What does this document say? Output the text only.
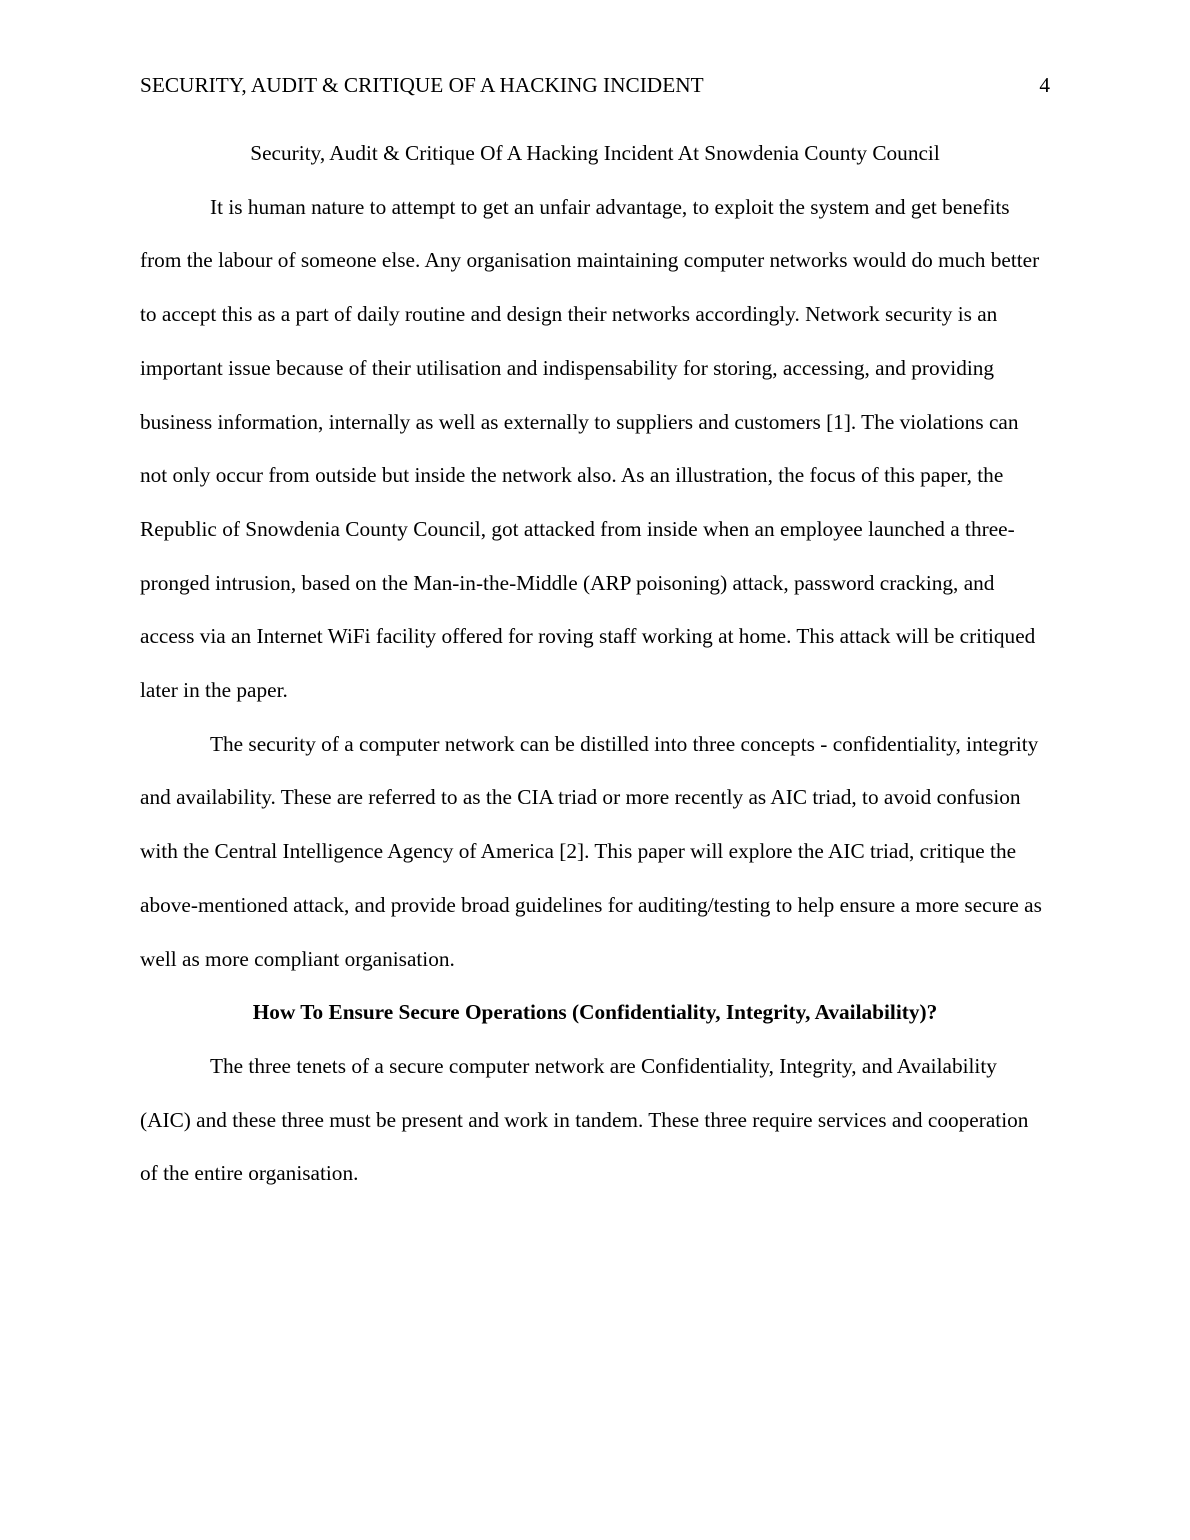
SECURITY, AUDIT & CRITIQUE OF A HACKING INCIDENT	4
Security, Audit & Critique Of A Hacking Incident At Snowdenia County Council

It is human nature to attempt to get an unfair advantage, to exploit the system and get benefits from the labour of someone else. Any organisation maintaining computer networks would do much better to accept this as a part of daily routine and design their networks accordingly. Network security is an important issue because of their utilisation and indispensability for storing, accessing, and providing business information, internally as well as externally to suppliers and customers [1]. The violations can not only occur from outside but inside the network also. As an illustration, the focus of this paper, the Republic of Snowdenia County Council, got attacked from inside when an employee launched a three-pronged intrusion, based on the Man-in-the-Middle (ARP poisoning) attack, password cracking, and access via an Internet WiFi facility offered for roving staff working at home. This attack will be critiqued later in the paper.

The security of a computer network can be distilled into three concepts - confidentiality, integrity and availability. These are referred to as the CIA triad or more recently as AIC triad, to avoid confusion with the Central Intelligence Agency of America [2]. This paper will explore the AIC triad, critique the above-mentioned attack, and provide broad guidelines for auditing/testing to help ensure a more secure as well as more compliant organisation.

How To Ensure Secure Operations (Confidentiality, Integrity, Availability)?

The three tenets of a secure computer network are Confidentiality, Integrity, and Availability (AIC) and these three must be present and work in tandem. These three require services and cooperation of the entire organisation.
